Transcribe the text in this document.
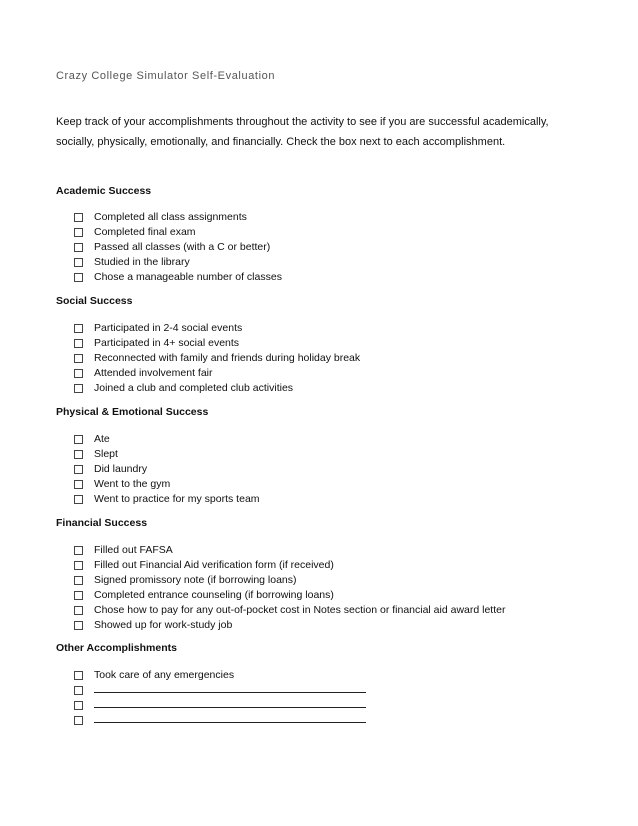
Crazy College Simulator Self-Evaluation
Keep track of your accomplishments throughout the activity to see if you are successful academically, socially, physically, emotionally, and financially. Check the box next to each accomplishment.
Academic Success
Completed all class assignments
Completed final exam
Passed all classes (with a C or better)
Studied in the library
Chose a manageable number of classes
Social Success
Participated in 2-4 social events
Participated in 4+ social events
Reconnected with family and friends during holiday break
Attended involvement fair
Joined a club and completed club activities
Physical & Emotional Success
Ate
Slept
Did laundry
Went to the gym
Went to practice for my sports team
Financial Success
Filled out FAFSA
Filled out Financial Aid verification form (if received)
Signed promissory note (if borrowing loans)
Completed entrance counseling (if borrowing loans)
Chose how to pay for any out-of-pocket cost in Notes section or financial aid award letter
Showed up for work-study job
Other Accomplishments
Took care of any emergencies
